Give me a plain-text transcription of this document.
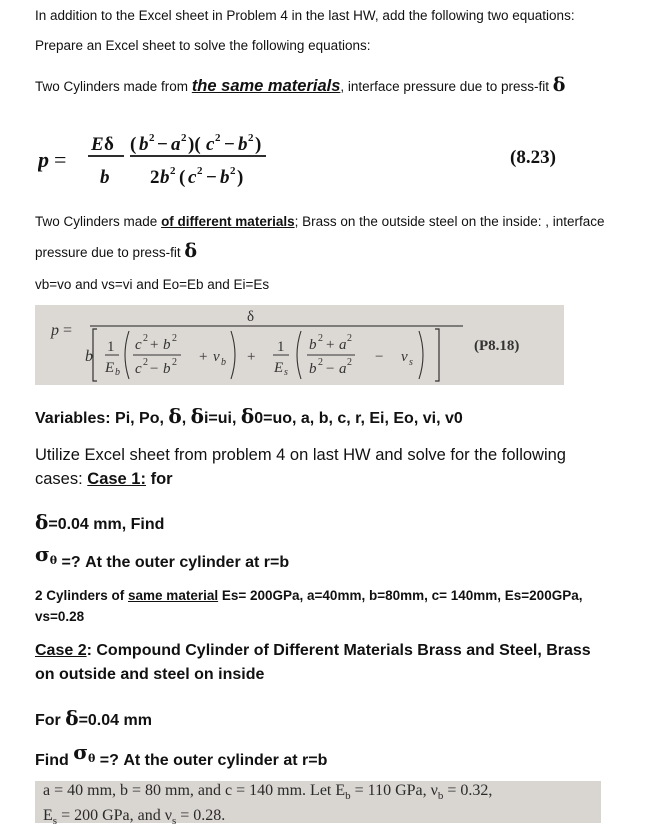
In addition to the Excel sheet in Problem 4 in the last HW, add the following two equations:
Prepare an Excel sheet to solve the following equations:
Two Cylinders made from the same materials, interface pressure due to press-fit δ
p =
E δ
b
( b 2 − a 2 )( c 2 − b 2 )
2 b 2 ( c 2 − b 2 )
(8.23)
Two Cylinders made of different materials; Brass on the outside steel on the inside: , interface
pressure due to press-fit δ
vb=vo and vs=vi and Eo=Eb and Ei=Es
δ
p =
b
1
E b
c 2 + b 2
c 2 − b 2 + ν b +
1
E s
b 2 + a 2
b 2 − a 2 − ν s
(P8.18)
Variables: Pi, Po, δ, δi=ui, δ0=uo, a, b, c, r, Ei, Eo, vi, v0
Utilize Excel sheet from problem 4 on last HW and solve for the following
cases: Case 1: for
δ=0.04 mm, Find
σθ =? At the outer cylinder at r=b
2 Cylinders of same material Es= 200GPa, a=40mm, b=80mm, c= 140mm, Es=200GPa,
vs=0.28
Case 2: Compound Cylinder of Different Materials Brass and Steel, Brass
on outside and steel on inside
For δ=0.04 mm
Find σθ =? At the outer cylinder at r=b
a = 40 mm, b = 80 mm, and c = 140 mm. Let $E_b = 110$ GPa, $\nu_b = 0.32$,
$E_s = 200$ GPa, and $\nu_s = 0.28$.
